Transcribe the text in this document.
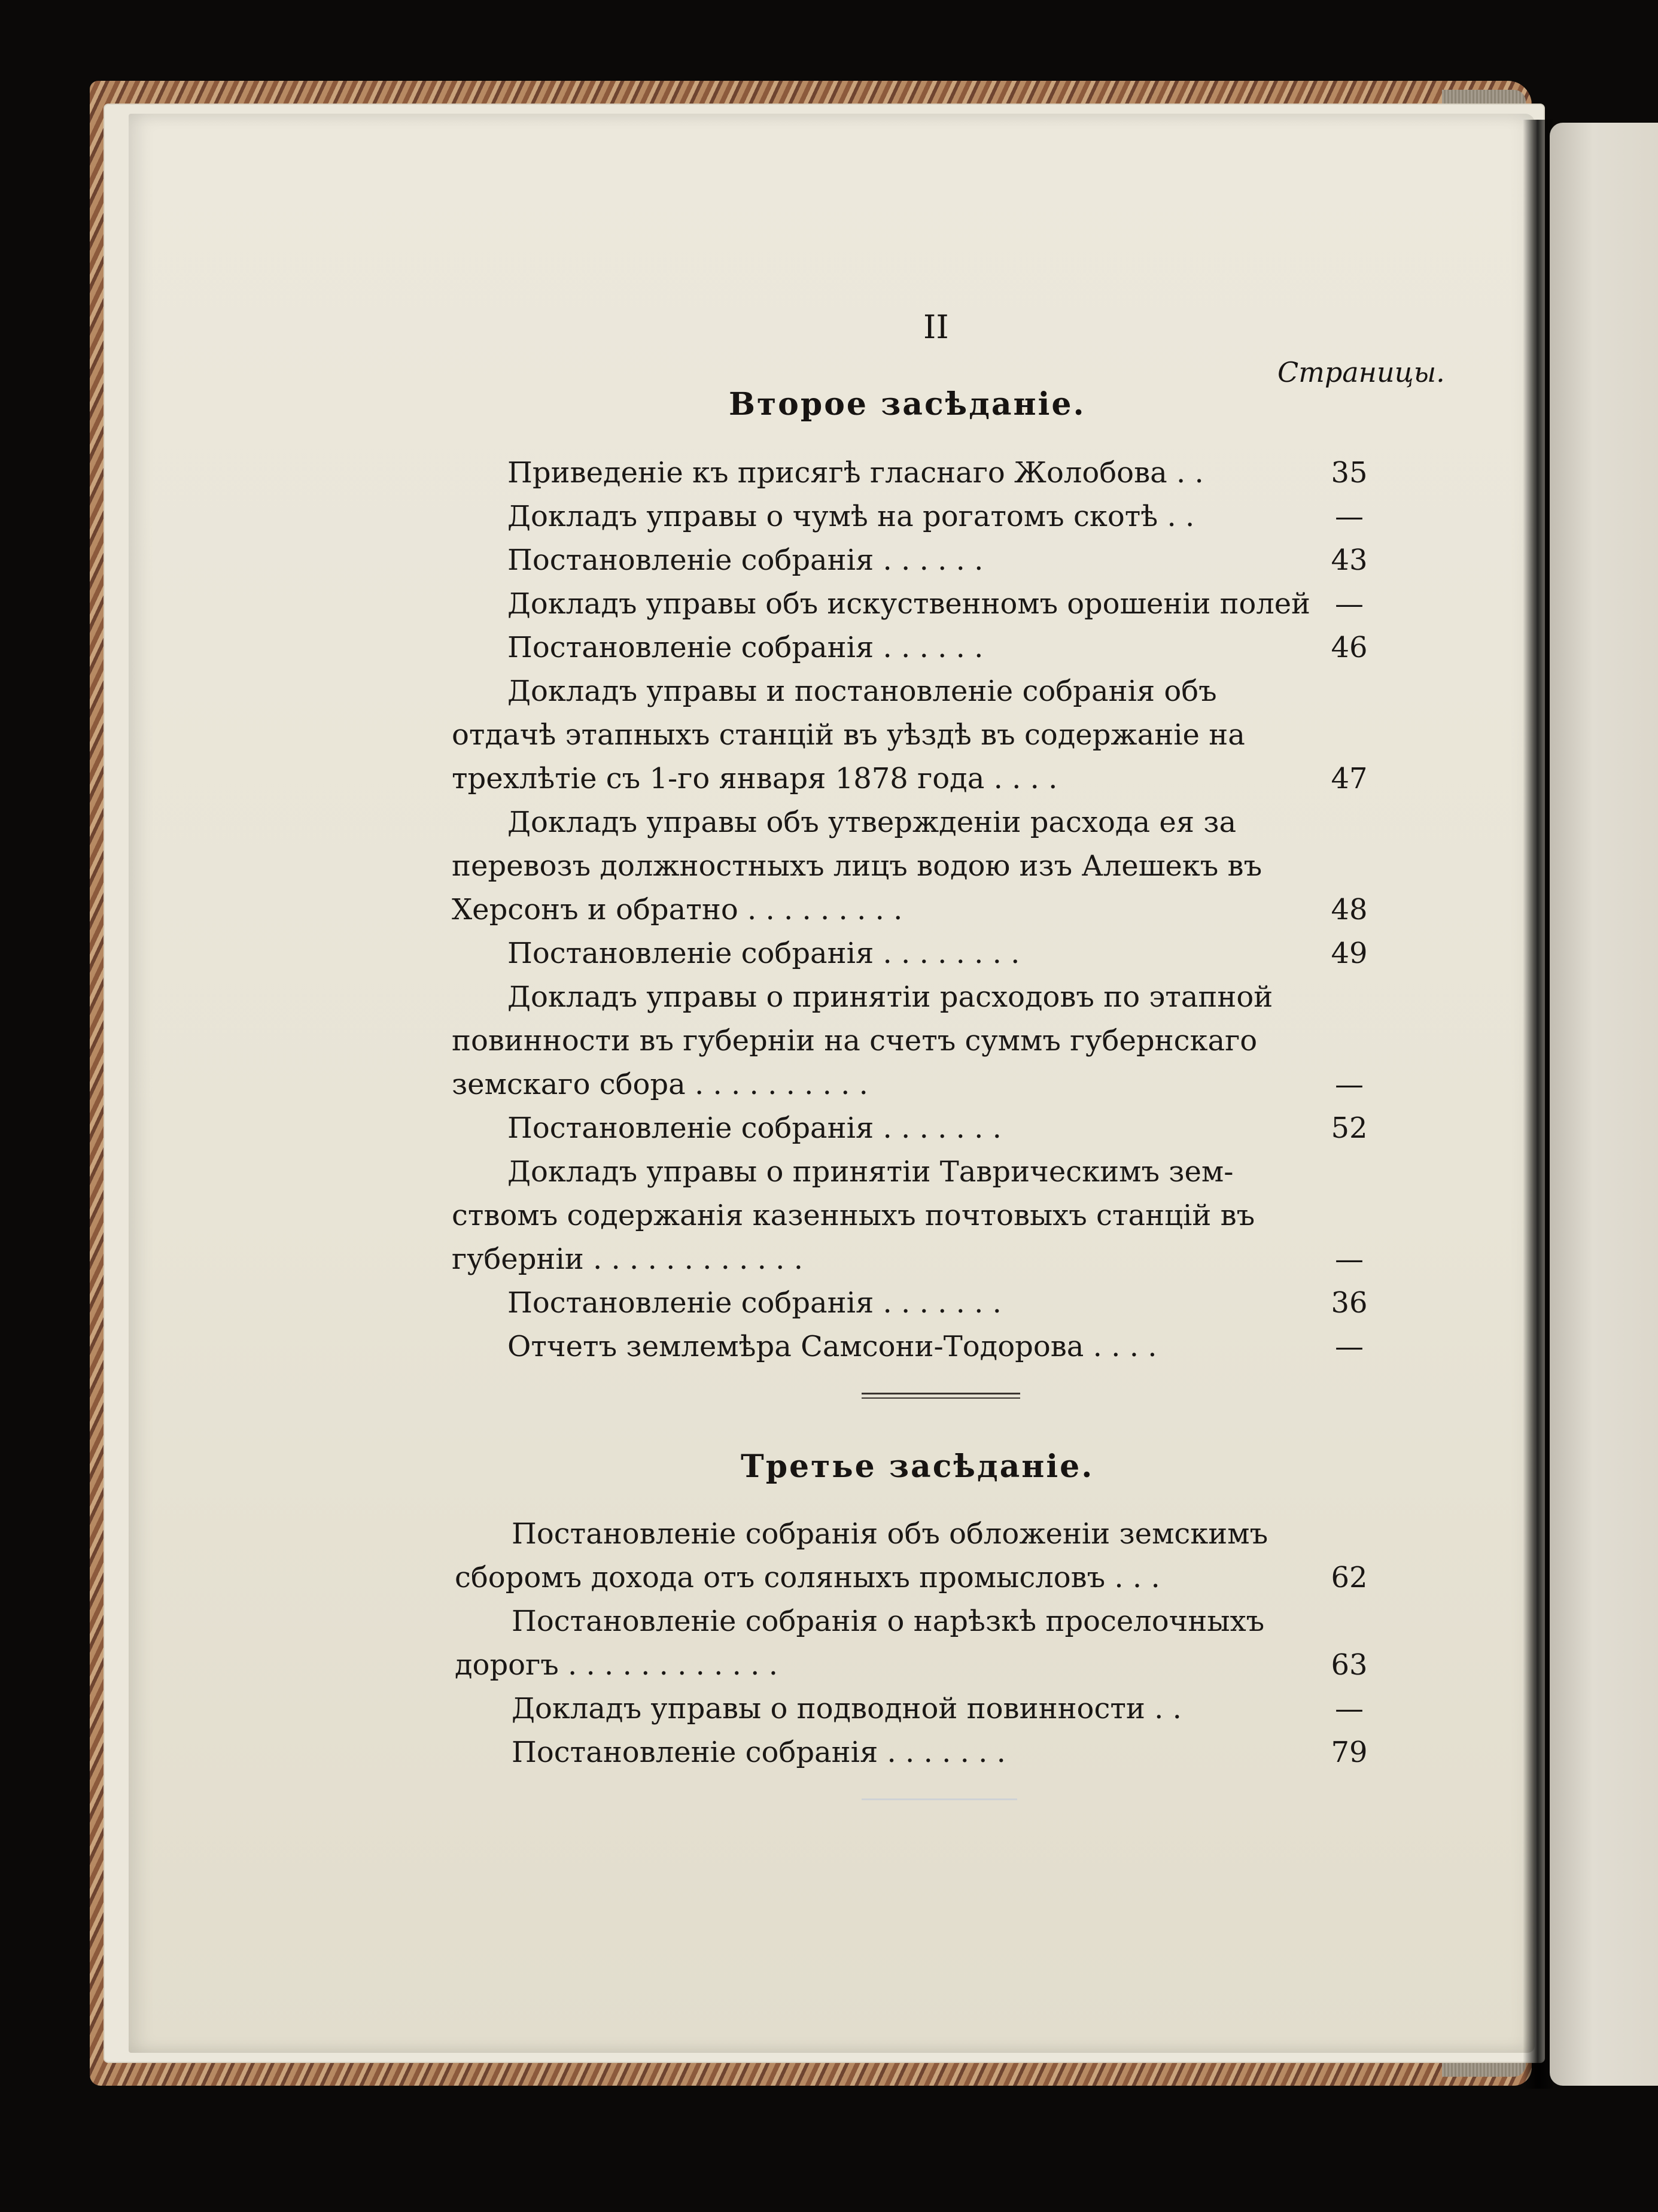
II
Страницы.
Второе засѣданіе.
Приведеніе къ присягѣ гласнаго Жолобова . .	35
Докладъ управы о чумѣ на рогатомъ скотѣ . .	—
Постановленіе собранія . . . . . .	43
Докладъ управы объ искуственномъ орошеніи полей —
Постановленіе собранія . . . . . .	46
Докладъ управы и постановленіе собранія объ
отдачѣ этапныхъ станцій въ уѣздѣ въ содержаніе на
трехлѣтіе съ 1-го января 1878 года . . . .	47
Докладъ управы объ утвержденіи расхода ея за
перевозъ должностныхъ лицъ водою изъ Алешекъ въ
Херсонъ и обратно . . . . . . . . .	48
Постановленіе собранія . . . . . . . .	49
Докладъ управы о принятіи расходовъ по этапной
повинности въ губерніи на счетъ суммъ губернскаго
земскаго сбора . . . . . . . . . .	—
Постановленіе собранія . . . . . . .	52
Докладъ управы о принятіи Таврическимъ зем-
ствомъ содержанія казенныхъ почтовыхъ станцій въ
губерніи . . . . . . . . . . . .	—
Постановленіе собранія . . . . . . .	36
Отчетъ землемѣра Самсони-Тодорова . . . .	—
Третье засѣданіе.
Постановленіе собранія объ обложеніи земскимъ
сборомъ дохода отъ соляныхъ промысловъ . . .	62
Постановленіе собранія о нарѣзкѣ проселочныхъ
дорогъ . . . . . . . . . . . .	63
Докладъ управы о подводной повинности . .	—
Постановленіе собранія . . . . . . .	79
